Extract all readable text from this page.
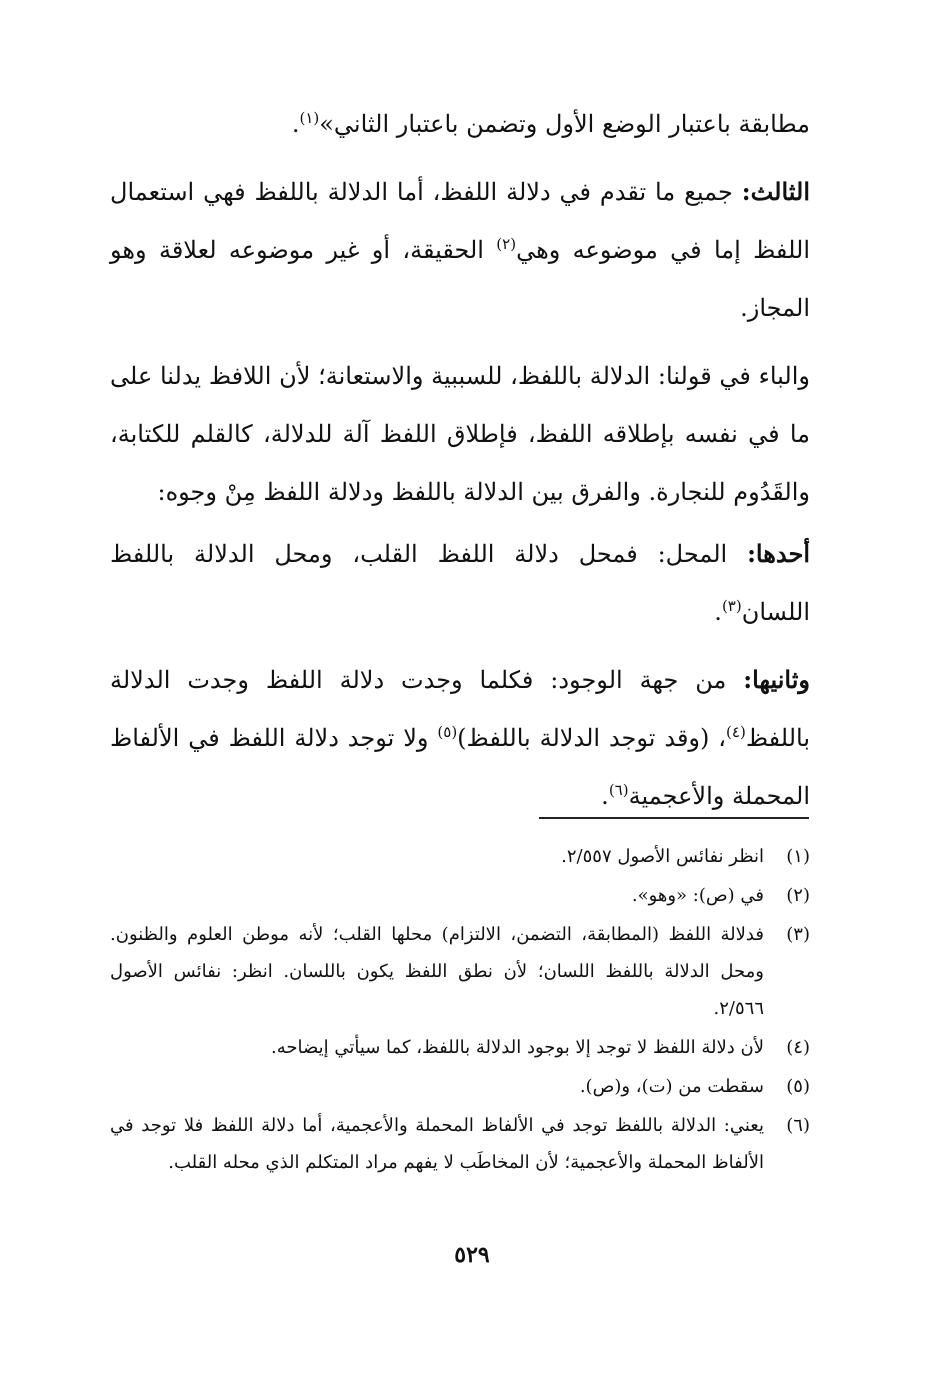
مطابقة باعتبار الوضع الأول وتضمن باعتبار الثاني»$^{(١)}$.

الثالث: جميع ما تقدم في دلالة اللفظ، أما الدلالة باللفظ فهي استعمال اللفظ إما في موضوعه وهي$^{(٢)}$ الحقيقة، أو غير موضوعه لعلاقة وهو المجاز.

والباء في قولنا: الدلالة باللفظ، للسببية والاستعانة؛ لأن اللافظ يدلنا على ما في نفسه بإطلاقه اللفظ، فإطلاق اللفظ آلة للدلالة، كالقلم للكتابة، والقَدُوم للنجارة. والفرق بين الدلالة باللفظ ودلالة اللفظ مِنْ وجوه:

أحدها: المحل: فمحل دلالة اللفظ القلب، ومحل الدلالة باللفظ اللسان$^{(٣)}$.

وثانيها: من جهة الوجود: فكلما وجدت دلالة اللفظ وجدت الدلالة باللفظ$^{(٤)}$، (وقد توجد الدلالة باللفظ)$^{(٥)}$ ولا توجد دلالة اللفظ في الألفاظ المحملة والأعجمية$^{(٦)}$.

(١)
انظر نفائس الأصول ٢/٥٥٧.
(٢)
في (ص): «وهو».
(٣)
فدلالة اللفظ (المطابقة، التضمن، الالتزام) محلها القلب؛ لأنه موطن العلوم والظنون. ومحل الدلالة باللفظ اللسان؛ لأن نطق اللفظ يكون باللسان. انظر: نفائس الأصول ٢/٥٦٦.
(٤)
لأن دلالة اللفظ لا توجد إلا بوجود الدلالة باللفظ، كما سيأتي إيضاحه.
(٥)
سقطت من (ت)، و(ص).
(٦)
يعني: الدلالة باللفظ توجد في الألفاظ المحملة والأعجمية، أما دلالة اللفظ فلا توجد في الألفاظ المحملة والأعجمية؛ لأن المخاطَب لا يفهم مراد المتكلم الذي محله القلب.
٥٢٩
